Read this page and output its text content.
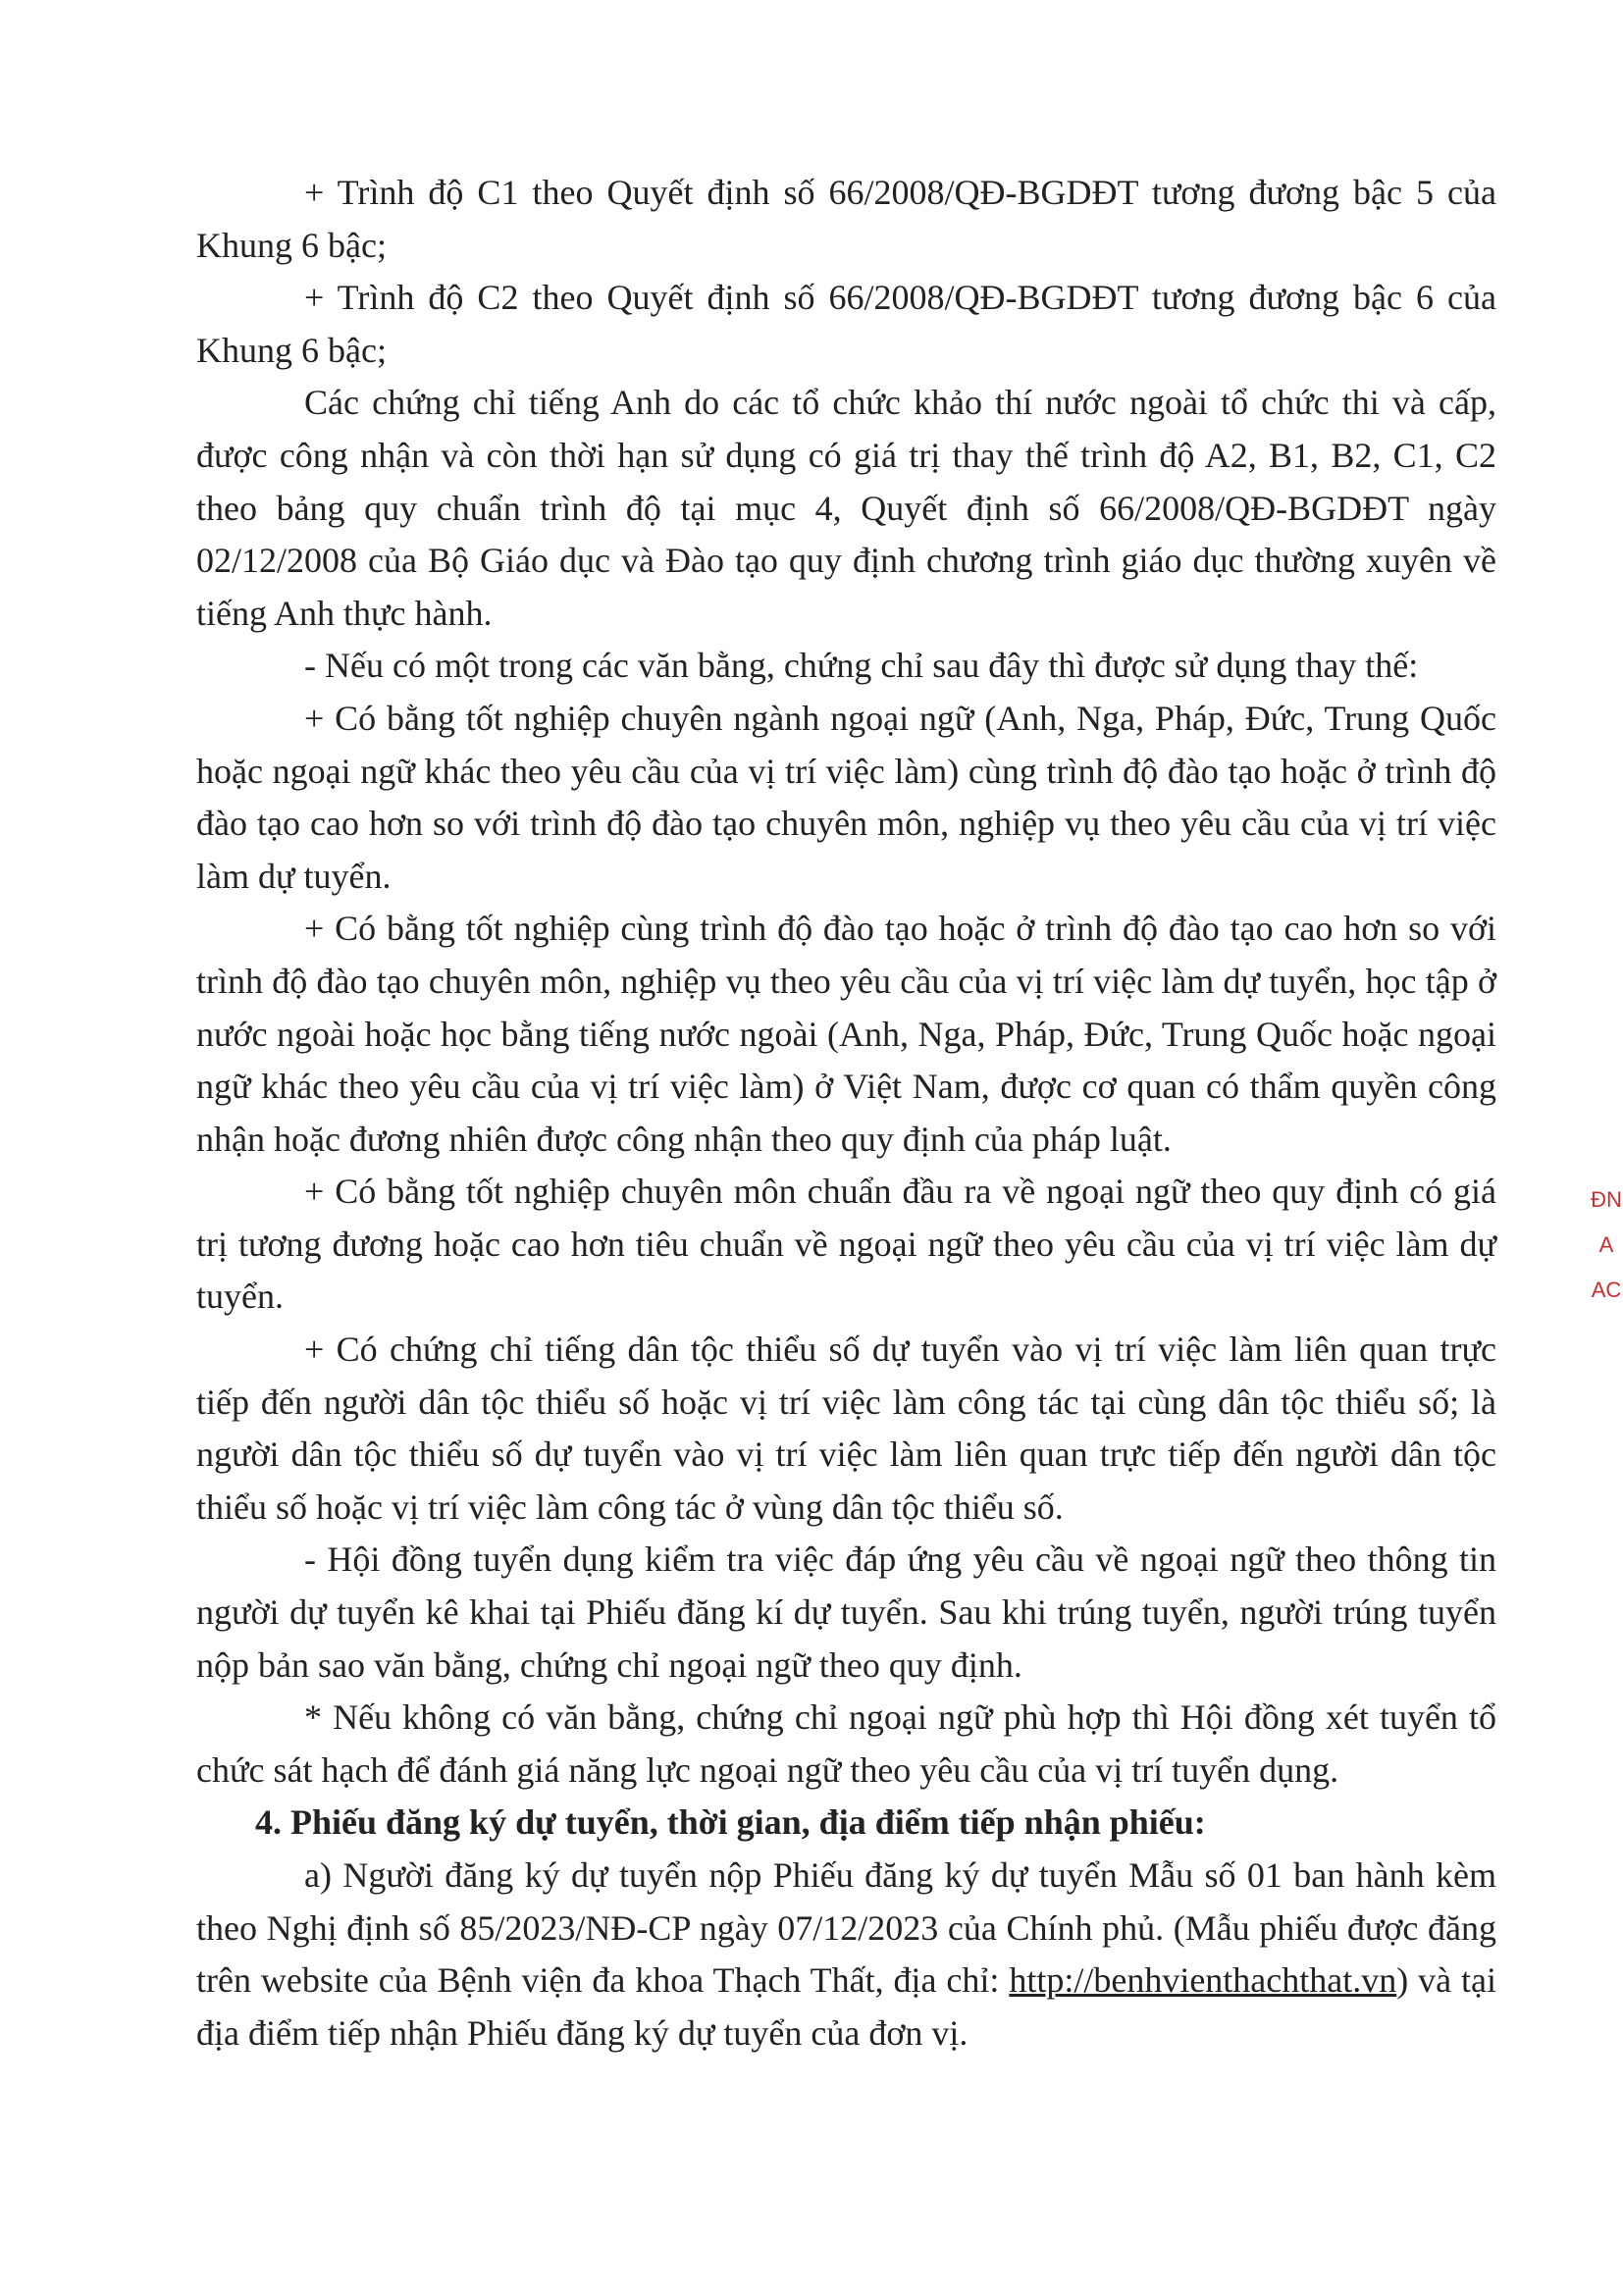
+ Trình độ C1 theo Quyết định số 66/2008/QĐ-BGDĐT tương đương bậc 5 của Khung 6 bậc;

+ Trình độ C2 theo Quyết định số 66/2008/QĐ-BGDĐT tương đương bậc 6 của Khung 6 bậc;

Các chứng chỉ tiếng Anh do các tổ chức khảo thí nước ngoài tổ chức thi và cấp, được công nhận và còn thời hạn sử dụng có giá trị thay thế trình độ A2, B1, B2, C1, C2 theo bảng quy chuẩn trình độ tại mục 4, Quyết định số 66/2008/QĐ-BGDĐT ngày 02/12/2008 của Bộ Giáo dục và Đào tạo quy định chương trình giáo dục thường xuyên về tiếng Anh thực hành.

- Nếu có một trong các văn bằng, chứng chỉ sau đây thì được sử dụng thay thế:

+ Có bằng tốt nghiệp chuyên ngành ngoại ngữ (Anh, Nga, Pháp, Đức, Trung Quốc hoặc ngoại ngữ khác theo yêu cầu của vị trí việc làm) cùng trình độ đào tạo hoặc ở trình độ đào tạo cao hơn so với trình độ đào tạo chuyên môn, nghiệp vụ theo yêu cầu của vị trí việc làm dự tuyển.

+ Có bằng tốt nghiệp cùng trình độ đào tạo hoặc ở trình độ đào tạo cao hơn so với trình độ đào tạo chuyên môn, nghiệp vụ theo yêu cầu của vị trí việc làm dự tuyển, học tập ở nước ngoài hoặc học bằng tiếng nước ngoài (Anh, Nga, Pháp, Đức, Trung Quốc hoặc ngoại ngữ khác theo yêu cầu của vị trí việc làm) ở Việt Nam, được cơ quan có thẩm quyền công nhận hoặc đương nhiên được công nhận theo quy định của pháp luật.

+ Có bằng tốt nghiệp chuyên môn chuẩn đầu ra về ngoại ngữ theo quy định có giá trị tương đương hoặc cao hơn tiêu chuẩn về ngoại ngữ theo yêu cầu của vị trí việc làm dự tuyển.

+ Có chứng chỉ tiếng dân tộc thiểu số dự tuyển vào vị trí việc làm liên quan trực tiếp đến người dân tộc thiểu số hoặc vị trí việc làm công tác tại cùng dân tộc thiểu số; là người dân tộc thiểu số dự tuyển vào vị trí việc làm liên quan trực tiếp đến người dân tộc thiểu số hoặc vị trí việc làm công tác ở vùng dân tộc thiểu số.

- Hội đồng tuyển dụng kiểm tra việc đáp ứng yêu cầu về ngoại ngữ theo thông tin người dự tuyển kê khai tại Phiếu đăng kí dự tuyển. Sau khi trúng tuyển, người trúng tuyển nộp bản sao văn bằng, chứng chỉ ngoại ngữ theo quy định.

* Nếu không có văn bằng, chứng chỉ ngoại ngữ phù hợp thì Hội đồng xét tuyển tổ chức sát hạch để đánh giá năng lực ngoại ngữ theo yêu cầu của vị trí tuyển dụng.

4. Phiếu đăng ký dự tuyển, thời gian, địa điểm tiếp nhận phiếu:

a) Người đăng ký dự tuyển nộp Phiếu đăng ký dự tuyển Mẫu số 01 ban hành kèm theo Nghị định số 85/2023/NĐ-CP ngày 07/12/2023 của Chính phủ. (Mẫu phiếu được đăng trên website của Bệnh viện đa khoa Thạch Thất, địa chỉ: http://benhvienthachthat.vn) và tại địa điểm tiếp nhận Phiếu đăng ký dự tuyển của đơn vị.

ĐN
A
AC
